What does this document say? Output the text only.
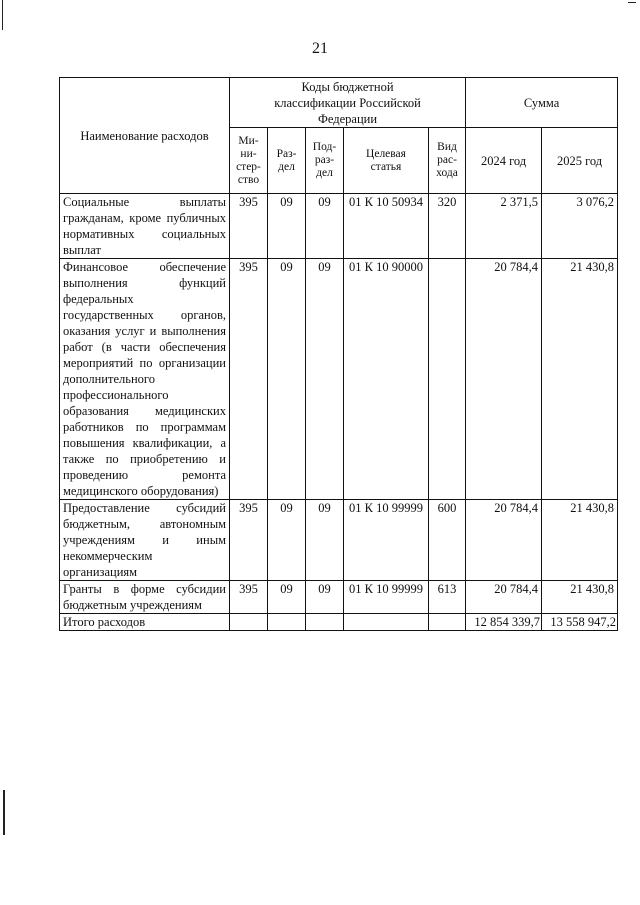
21
Наименование расходов	Коды бюджетной классификации Российской Федерации					Сумма	
	Ми-ни-стер-ство	Раз-дел	Под-раз-дел	Целевая статья	Вид рас-хода	2024 год	2025 год
Социальные выплаты гражданам, кроме публичных нормативных социальных выплат	395	09	09	01 К 10 50934	320	2 371,5	3 076,2
Финансовое обеспечение выполнения функций федеральных государственных органов, оказания услуг и выполнения работ (в части обеспечения мероприятий по организации дополнительного профессионального образования медицинских работников по программам повышения квалификации, а также по приобретению и проведению ремонта медицинского оборудования)	395	09	09	01 К 10 90000		20 784,4	21 430,8
Предоставление субсидий бюджетным, автономным учреждениям и иным некоммерческим организациям	395	09	09	01 К 10 99999	600	20 784,4	21 430,8
Гранты в форме субсидии бюджетным учреждениям	395	09	09	01 К 10 99999	613	20 784,4	21 430,8
Итого расходов						12 854 339,7	13 558 947,2
